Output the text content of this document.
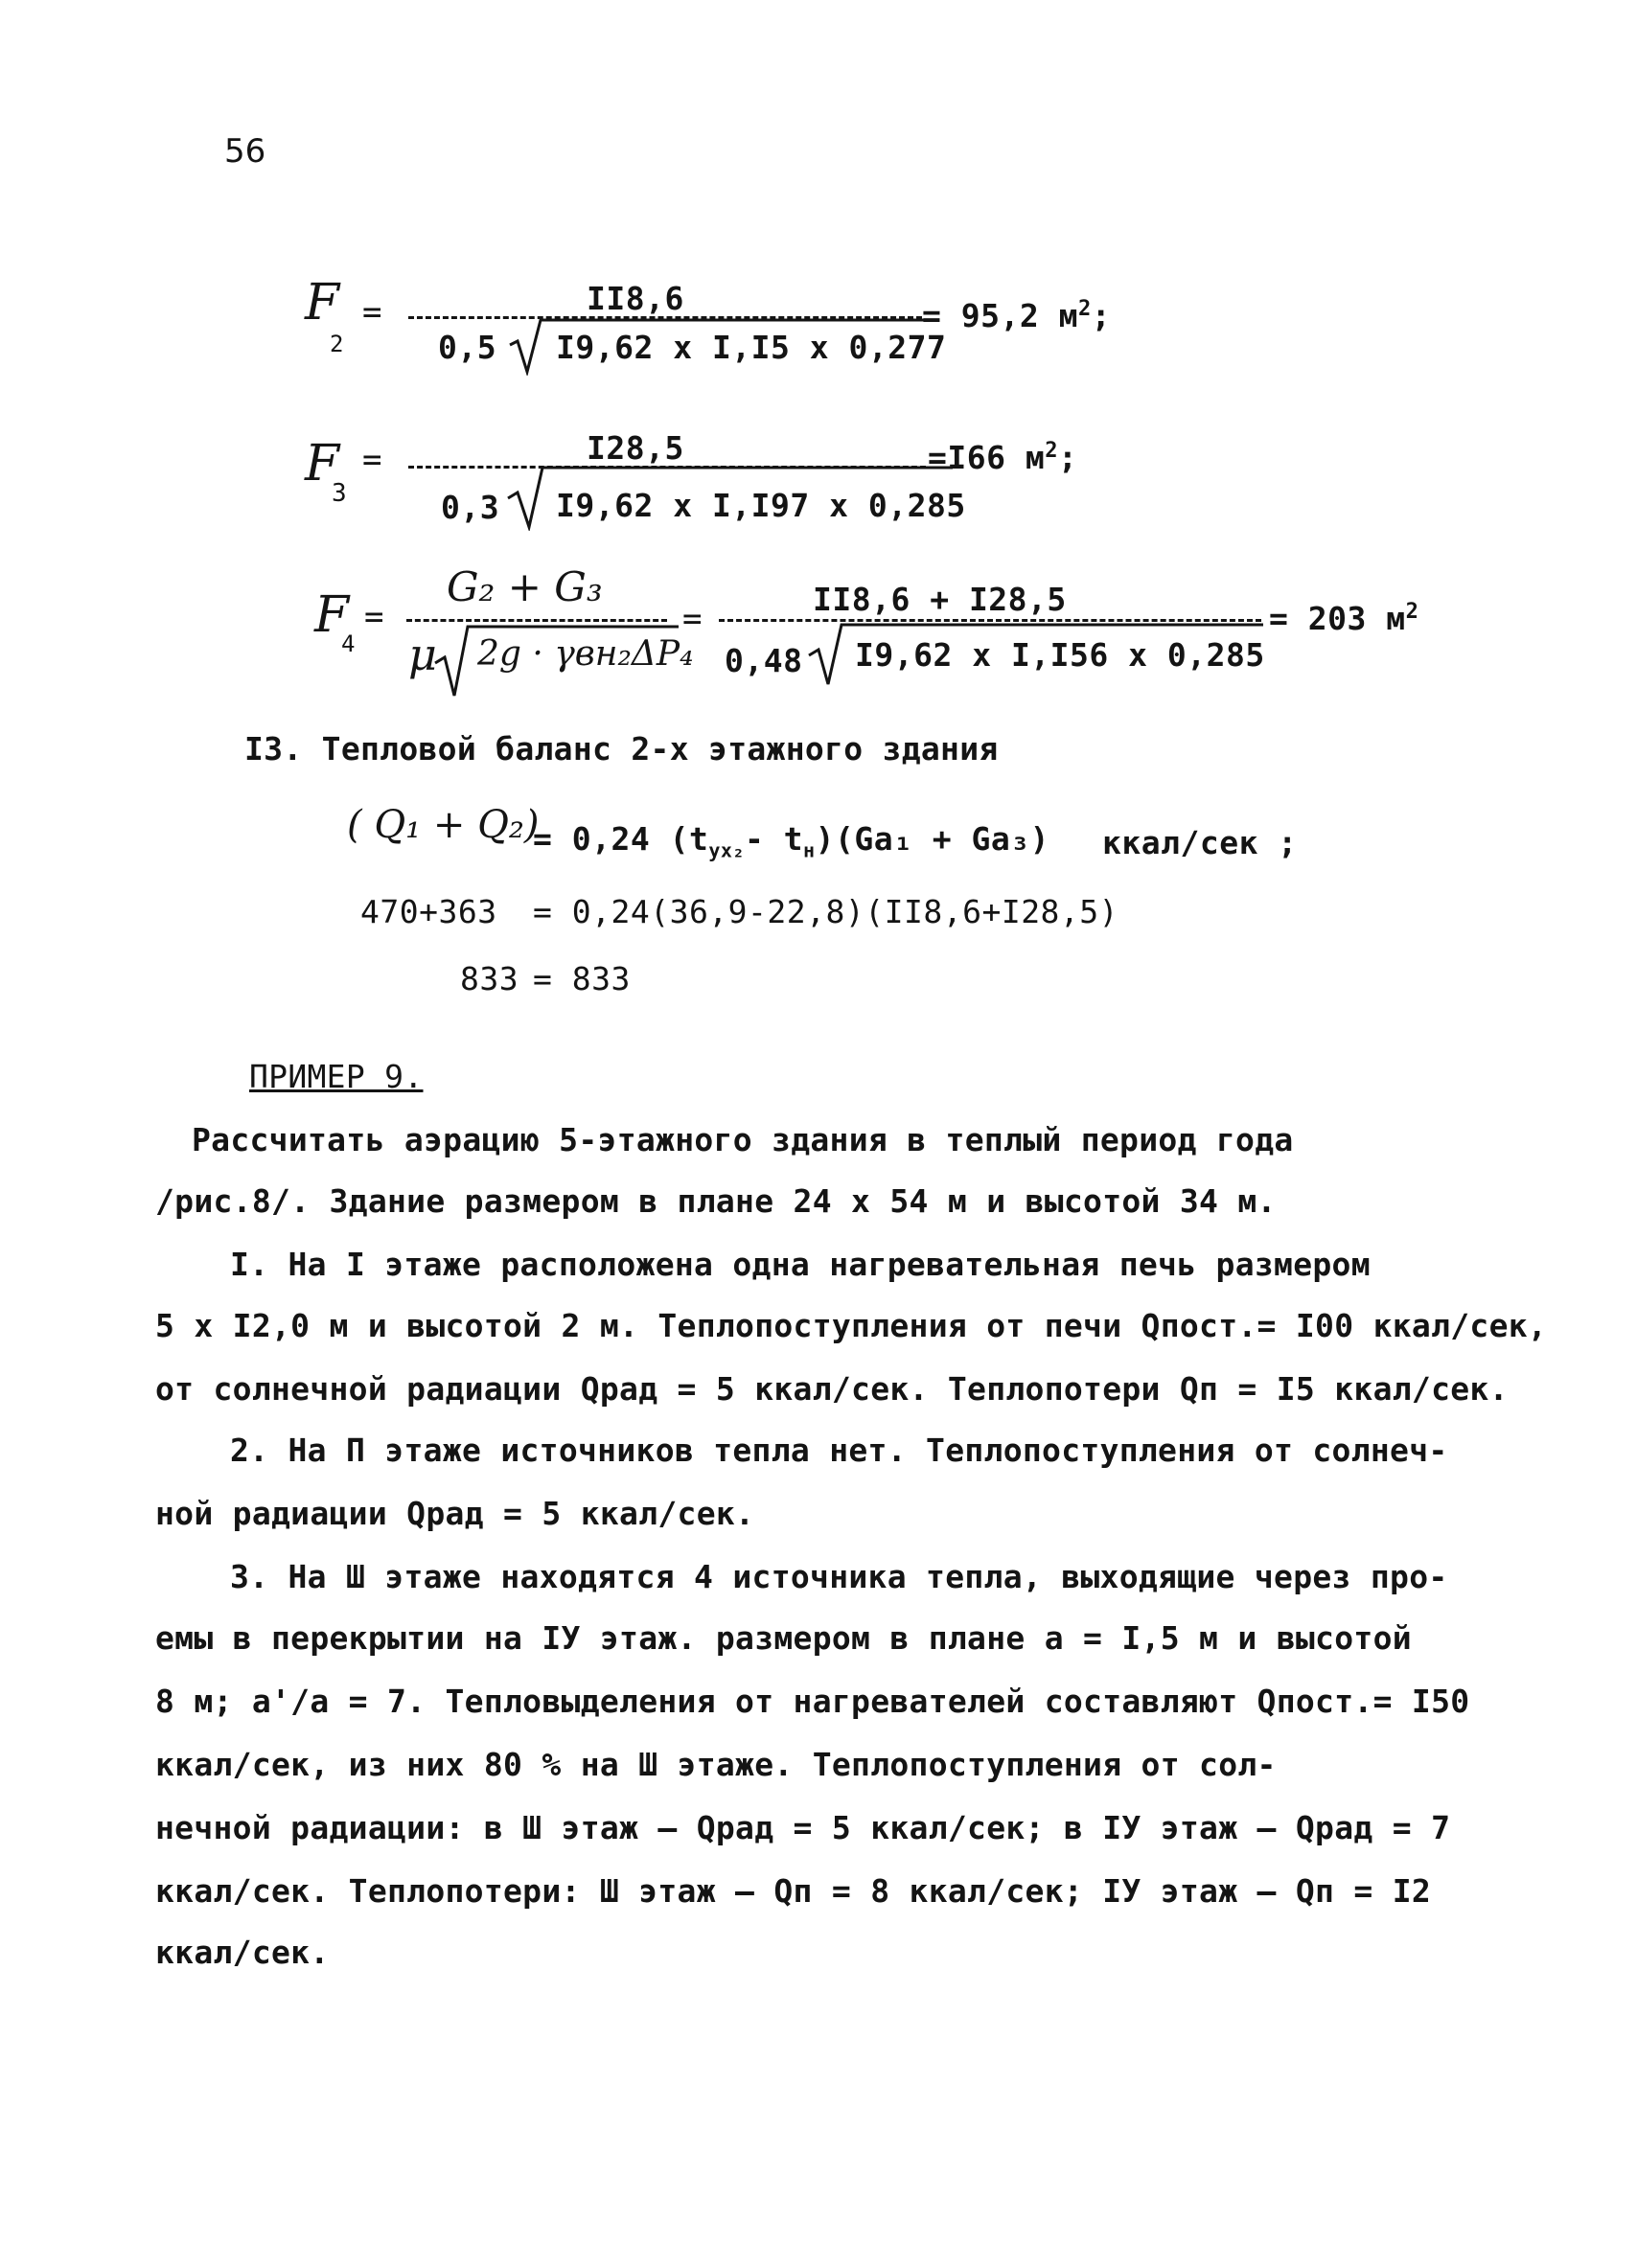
56
F
2
=	II8,6
0,5 I9,62 x I,I5 x 0,277
= 95,2 $м^2$;
F
3
=	I28,5
0,3 I9,62 x I,I97 x 0,285
=I66 $м^2$;
F
4
=
G₂ + G₃
μ 2g · γвн₂ΔP₄
=
II8,6 + I28,5
0,48 I9,62 x I,I56 x 0,285
= 203 $м^2$
I3. Тепловой баланс 2-х этажного здания
( Q₁ + Q₂)
= 0,24 ($t_{ух_2}-$ $t_н)(Gа_1 + Gа_3)$ ккал/сек ;
470+363 = 0,24(36,9-22,8)(II8,6+I28,5)
833 = 833
ПРИМЕР 9.
Рассчитать аэрацию 5-этажного здания в теплый период года
/рис.8/. Здание размером в плане 24 х 54 м и высотой 34 м.
I. На I этаже расположена одна нагревательная печь размером
5 х I2,0 м и высотой 2 м. Теплопоступления от печи Qпост.= I00 ккал/сек,
от солнечной радиации Qрад = 5 ккал/сек. Теплопотери Qп = I5 ккал/сек.
2. На П этаже источников тепла нет. Теплопоступления от солнеч-
ной радиации Qрад = 5 ккал/сек.
3. На Ш этаже находятся 4 источника тепла, выходящие через про-
емы в перекрытии на IУ этаж. размером в плане a = I,5 м и высотой
8 м; a'/a = 7. Тепловыделения от нагревателей составляют Qпост.= I50
ккал/сек, из них 80 % на Ш этаже. Теплопоступления от сол-
нечной радиации: в Ш этаж – Qрад = 5 ккал/сек; в IУ этаж – Qрад = 7
ккал/сек. Теплопотери: Ш этаж – Qп = 8 ккал/сек; IУ этаж – Qп = I2
ккал/сек.
